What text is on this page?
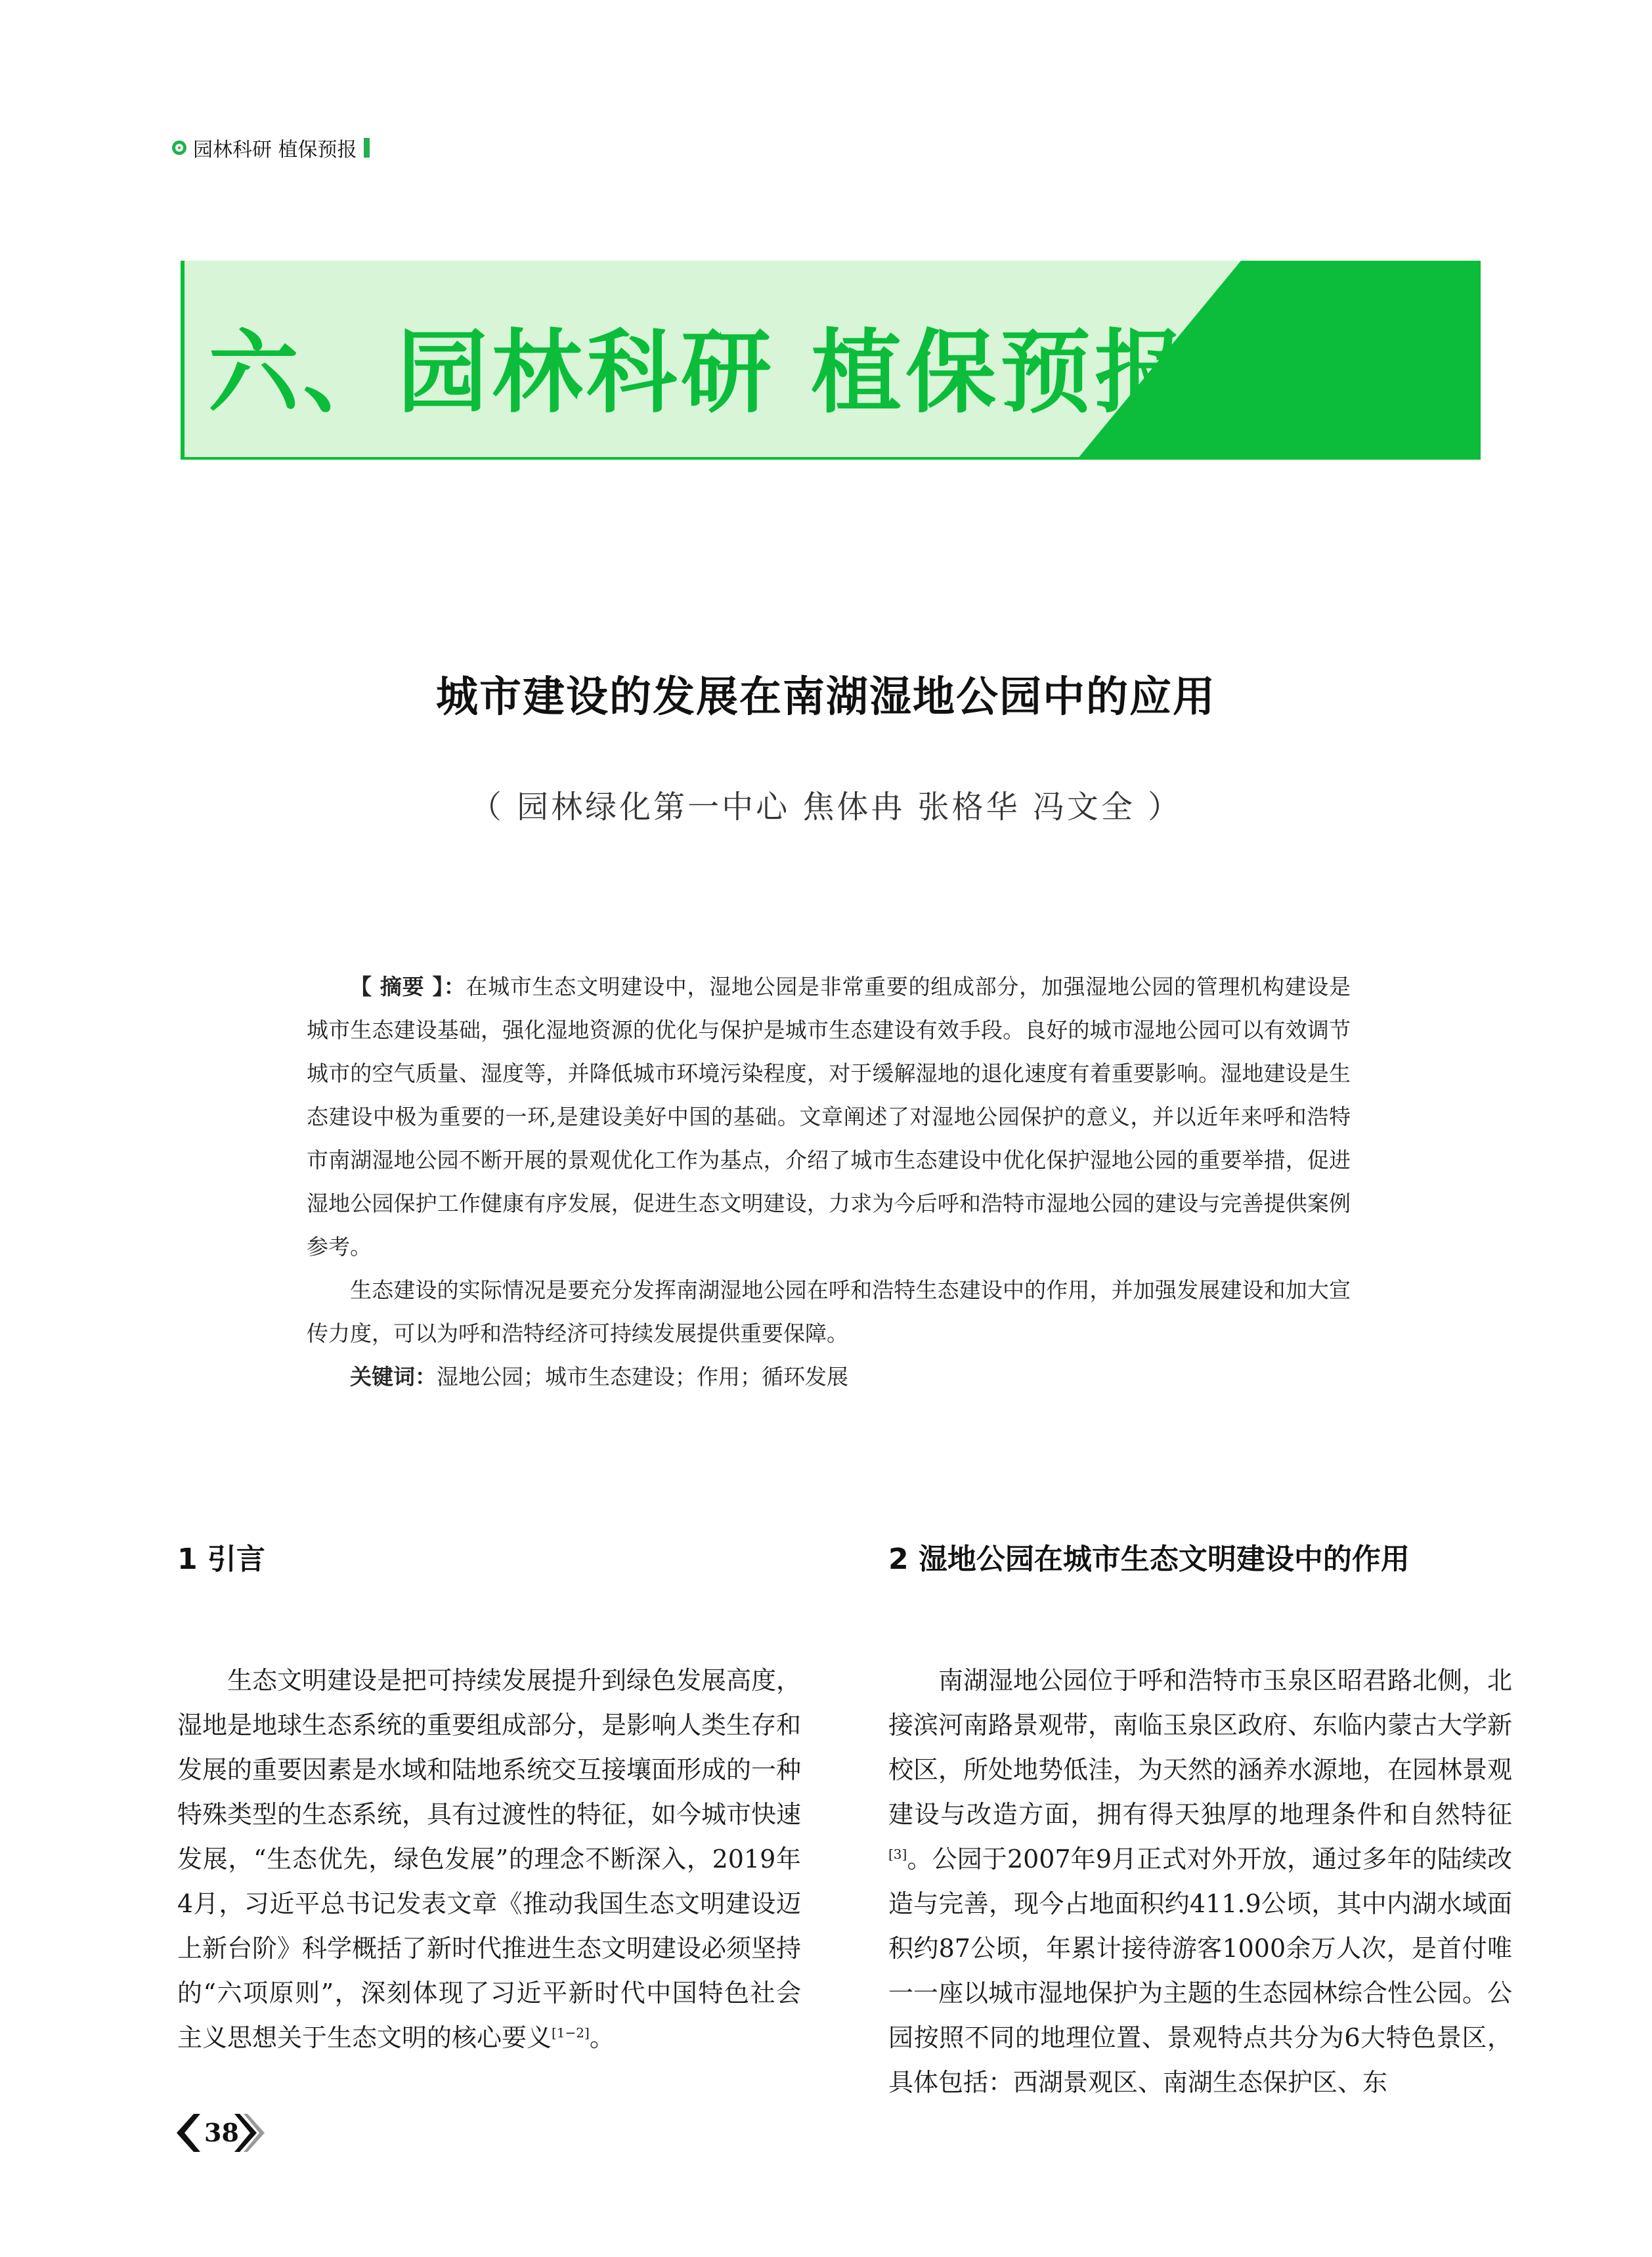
园林科研 植保预报
六、园林科研 植保预报
城市建设的发展在南湖湿地公园中的应用
（ 园林绿化第一中心 焦体冉 张格华 冯文全 ）

【 摘要 】：在城市生态文明建设中，湿地公园是非常重要的组成部分，加强湿地公园的管理机构建设是城市生态建设基础，强化湿地资源的优化与保护是城市生态建设有效手段。良好的城市湿地公园可以有效调节城市的空气质量、湿度等，并降低城市环境污染程度，对于缓解湿地的退化速度有着重要影响。湿地建设是生态建设中极为重要的一环,是建设美好中国的基础。文章阐述了对湿地公园保护的意义，并以近年来呼和浩特市南湖湿地公园不断开展的景观优化工作为基点，介绍了城市生态建设中优化保护湿地公园的重要举措，促进湿地公园保护工作健康有序发展，促进生态文明建设，力求为今后呼和浩特市湿地公园的建设与完善提供案例参考。

生态建设的实际情况是要充分发挥南湖湿地公园在呼和浩特生态建设中的作用，并加强发展建设和加大宣传力度，可以为呼和浩特经济可持续发展提供重要保障。

关键词：湿地公园；城市生态建设；作用；循环发展

1 引言

生态文明建设是把可持续发展提升到绿色发展高度，湿地是地球生态系统的重要组成部分，是影响人类生存和发展的重要因素是水域和陆地系统交互接壤面形成的一种特殊类型的生态系统，具有过渡性的特征，如今城市快速发展，“生态优先，绿色发展”的理念不断深入，2019年4月，习近平总书记发表文章《推动我国生态文明建设迈上新台阶》科学概括了新时代推进生态文明建设必须坚持的“六项原则”，深刻体现了习近平新时代中国特色社会主义思想关于生态文明的核心要义[1−2]。

2 湿地公园在城市生态文明建设中的作用

南湖湿地公园位于呼和浩特市玉泉区昭君路北侧，北接滨河南路景观带，南临玉泉区政府、东临内蒙古大学新校区，所处地势低洼，为天然的涵养水源地，在园林景观建设与改造方面，拥有得天独厚的地理条件和自然特征[3]。公园于2007年9月正式对外开放，通过多年的陆续改造与完善，现今占地面积约411.9公顷，其中内湖水域面积约87公顷，年累计接待游客1000余万人次，是首付唯一一座以城市湿地保护为主题的生态园林综合性公园。公园按照不同的地理位置、景观特点共分为6大特色景区，具体包括：西湖景观区、南湖生态保护区、东

38
